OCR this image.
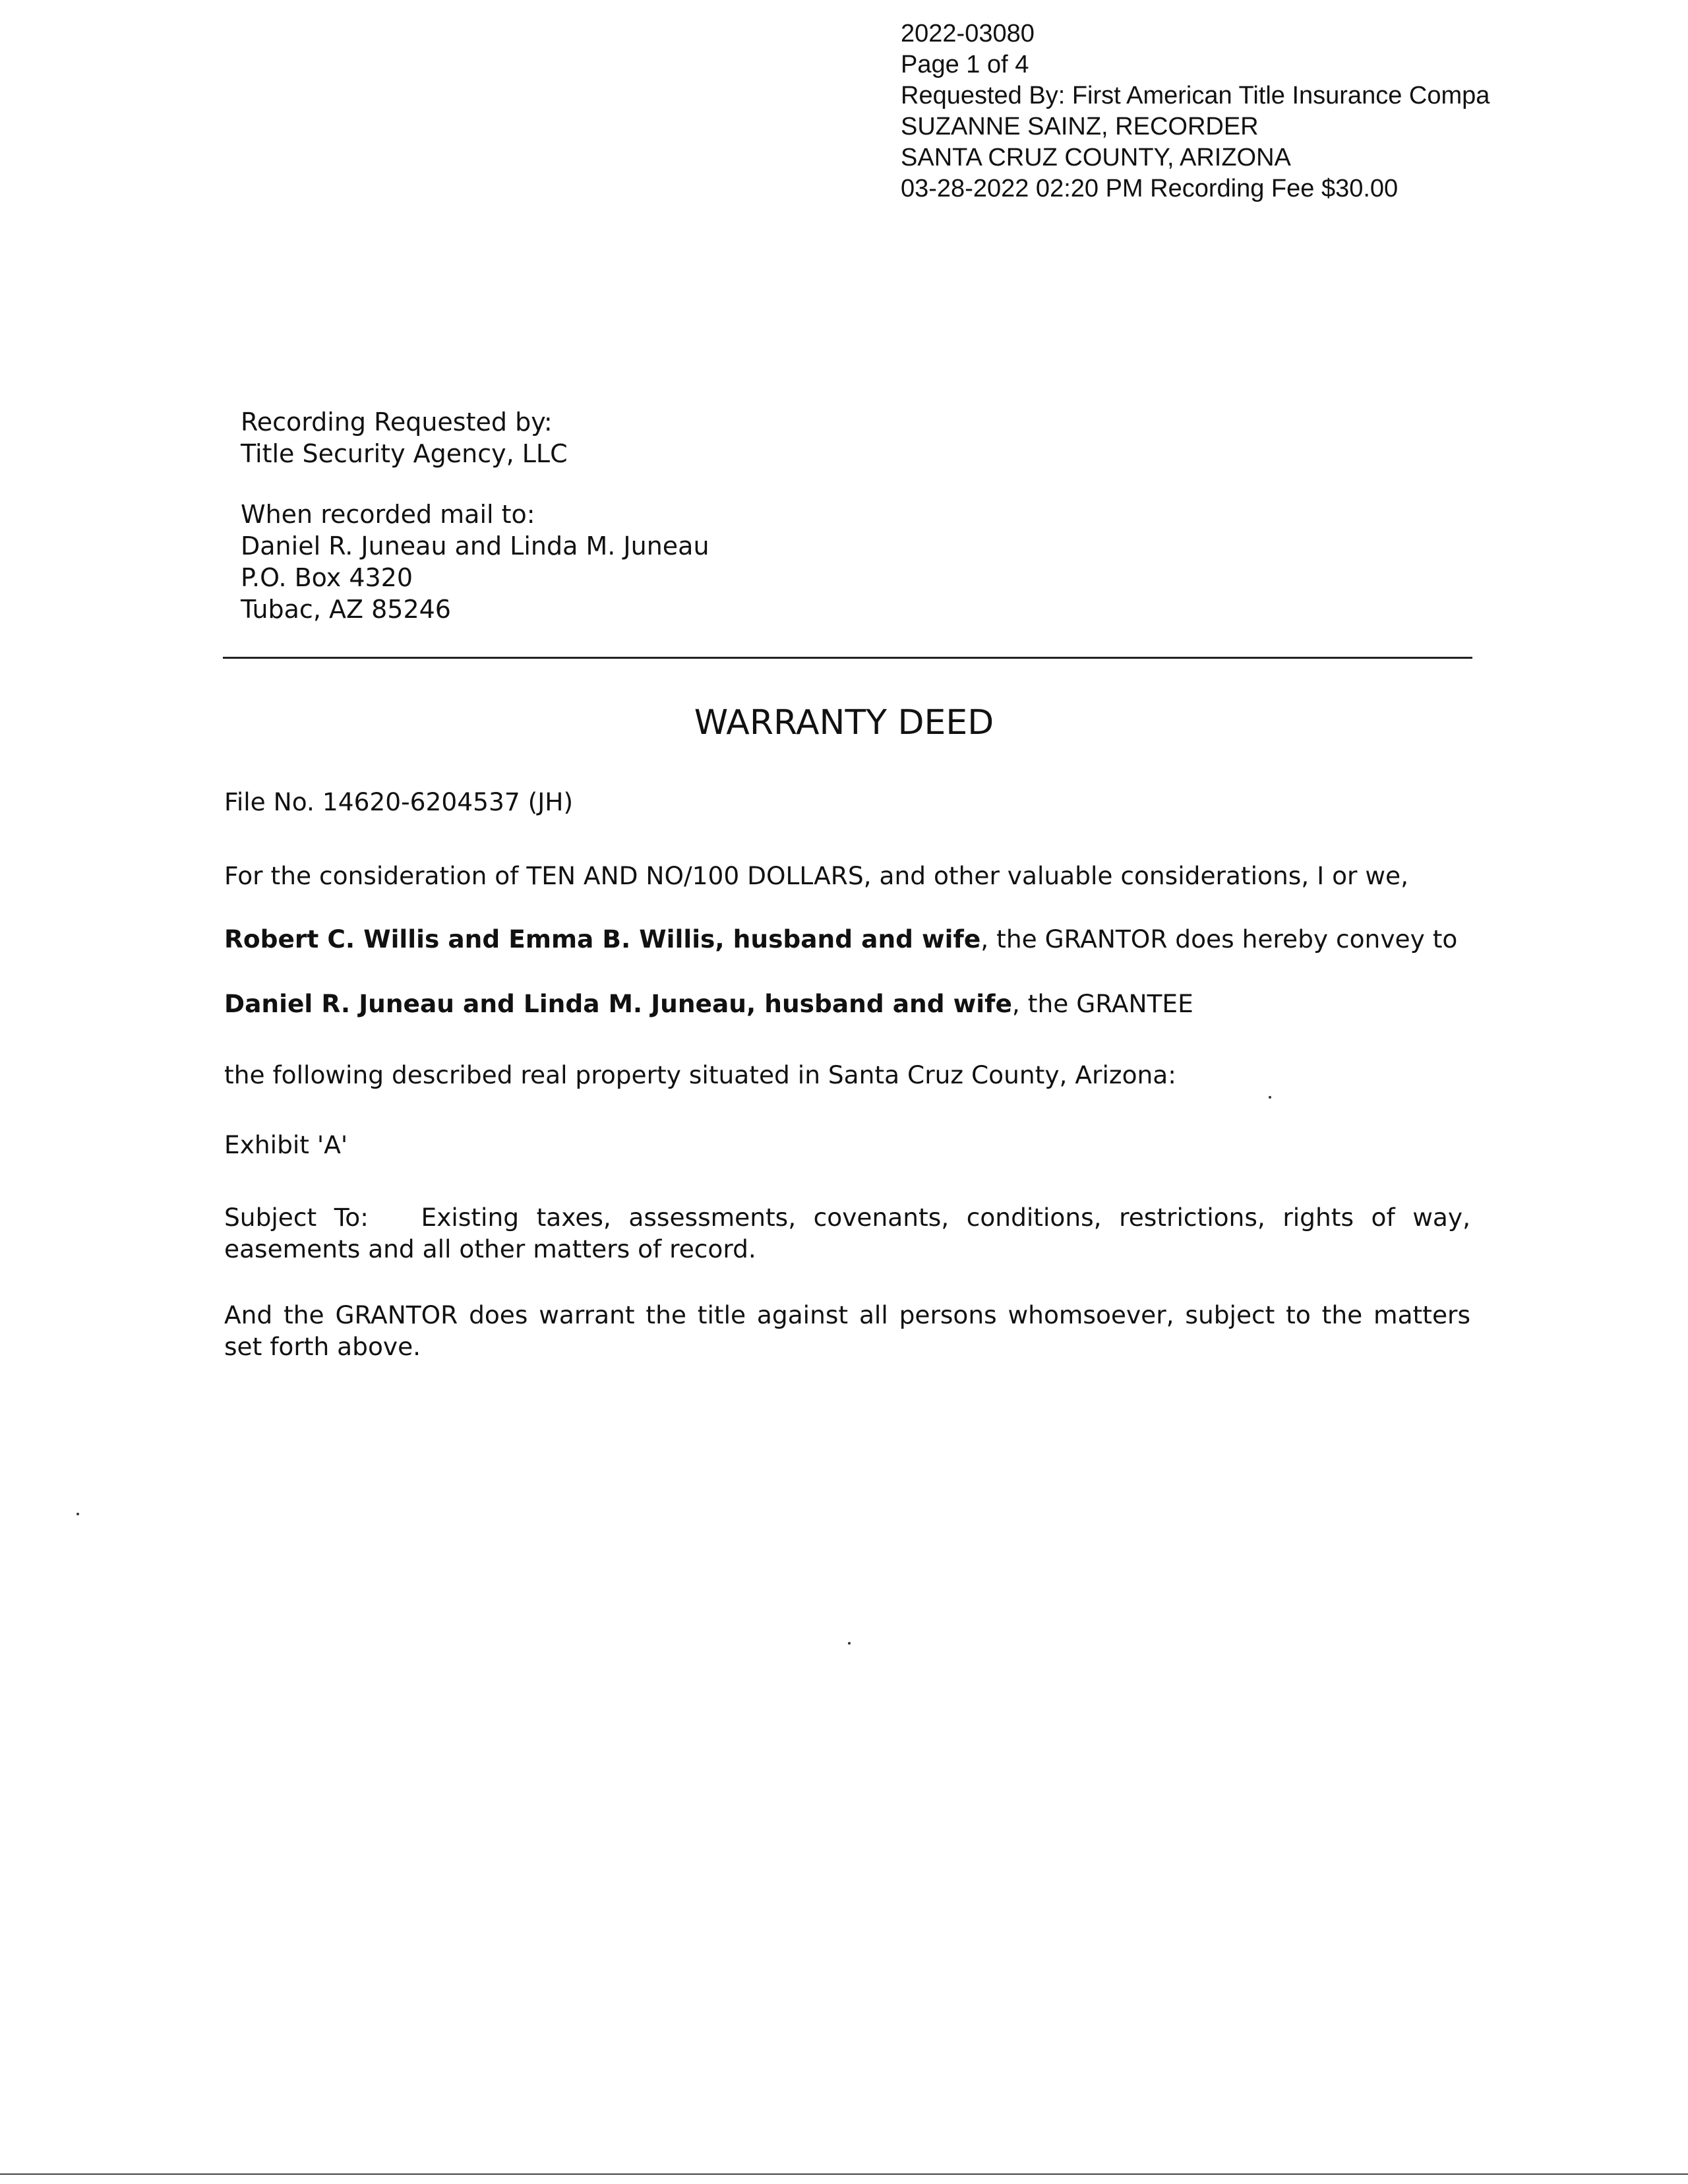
2022-03080
Page 1 of 4
Requested By: First American Title Insurance Compa
SUZANNE SAINZ, RECORDER
SANTA CRUZ COUNTY, ARIZONA
03-28-2022 02:20 PM Recording Fee $30.00
Recording Requested by:
Title Security Agency, LLC
When recorded mail to:
Daniel R. Juneau and Linda M. Juneau
P.O. Box 4320
Tubac, AZ 85246
WARRANTY DEED
File No. 14620-6204537 (JH)
For the consideration of TEN AND NO/100 DOLLARS, and other valuable considerations, I or we,
Robert C. Willis and Emma B. Willis, husband and wife, the GRANTOR does hereby convey to
Daniel R. Juneau and Linda M. Juneau, husband and wife, the GRANTEE
the following described real property situated in Santa Cruz County, Arizona:
Exhibit 'A'
Subject To:   Existing taxes, assessments, covenants, conditions, restrictions, rights of way, easements and all other matters of record.
And the GRANTOR does warrant the title against all persons whomsoever, subject to the matters set forth above.
